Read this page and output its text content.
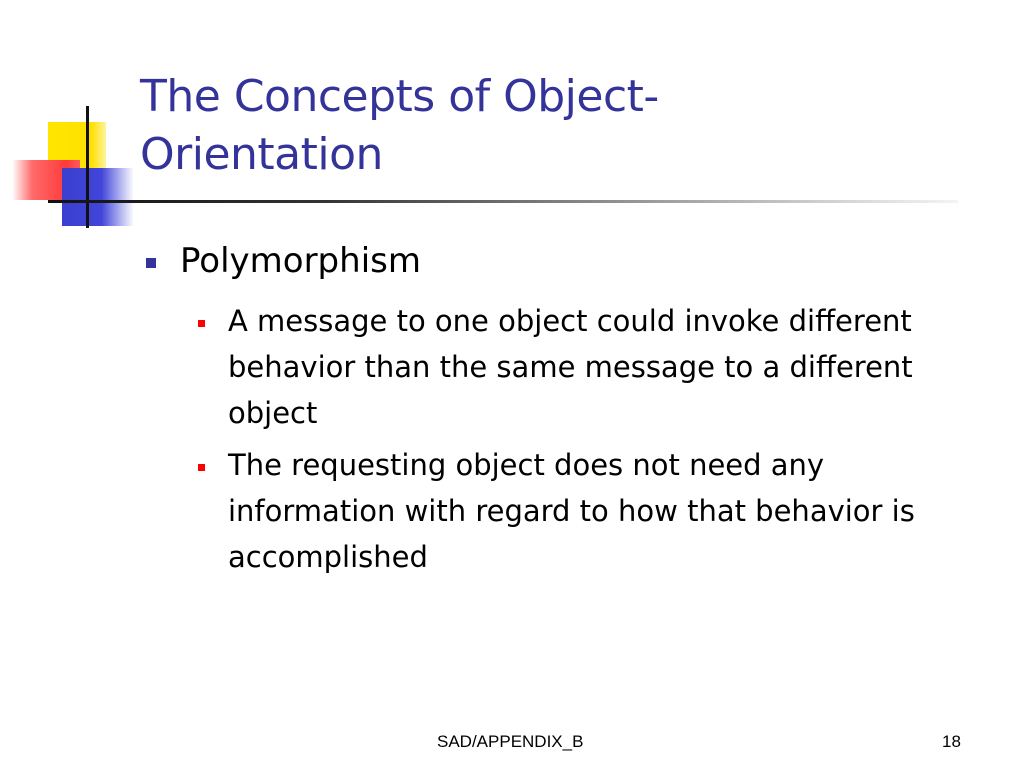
The Concepts of Object-
Orientation
Polymorphism
A message to one object could invoke different behavior than the same message to a different object
The requesting object does not need any information with regard to how that behavior is accomplished
SAD/APPENDIX_B	18
